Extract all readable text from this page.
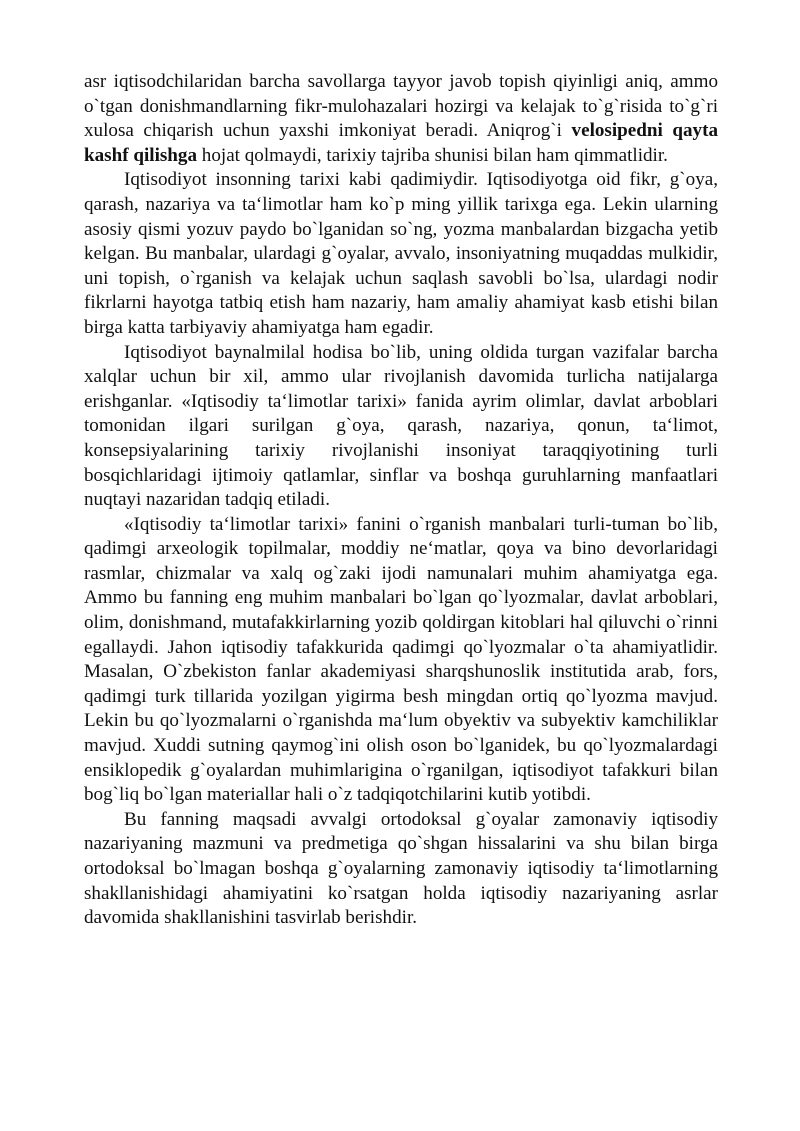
asr iqtisodchilaridan barcha savollarga tayyor javob topish qiyinligi aniq, ammo o`tgan donishmandlarning fikr-mulohazalari hozirgi va kelajak to`g`risida to`g`ri xulosa chiqarish uchun yaxshi imkoniyat beradi. Aniqrog`i velosipedni qayta kashf qilishga hojat qolmaydi, tarixiy tajriba shunisi bilan ham qimmatlidir.

Iqtisodiyot insonning tarixi kabi qadimiydir. Iqtisodiyotga oid fikr, g`oya, qarash, nazariya va ta‘limotlar ham ko`p ming yillik tarixga ega. Lekin ularning asosiy qismi yozuv paydo bo`lganidan so`ng, yozma manbalardan bizgacha yetib kelgan. Bu manbalar, ulardagi g`oyalar, avvalo, insoniyatning muqaddas mulkidir, uni topish, o`rganish va kelajak uchun saqlash savobli bo`lsa, ulardagi nodir fikrlarni hayotga tatbiq etish ham nazariy, ham amaliy ahamiyat kasb etishi bilan birga katta tarbiyaviy ahamiyatga ham egadir.

Iqtisodiyot baynalmilal hodisa bo`lib, uning oldida turgan vazifalar barcha xalqlar uchun bir xil, ammo ular rivojlanish davomida turlicha natijalarga erishganlar. «Iqtisodiy ta‘limotlar tarixi» fanida ayrim olimlar, davlat arboblari tomonidan ilgari surilgan g`oya, qarash, nazariya, qonun, ta‘limot, konsepsiyalarining tarixiy rivojlanishi insoniyat taraqqiyotining turli bosqichlaridagi ijtimoiy qatlamlar, sinflar va boshqa guruhlarning manfaatlari nuqtayi nazaridan tadqiq etiladi.

«Iqtisodiy ta‘limotlar tarixi» fanini o`rganish manbalari turli-tuman bo`lib, qadimgi arxeologik topilmalar, moddiy ne‘matlar, qoya va bino devorlaridagi rasmlar, chizmalar va xalq og`zaki ijodi namunalari muhim ahamiyatga ega. Ammo bu fanning eng muhim manbalari bo`lgan qo`lyozmalar, davlat arboblari, olim, donishmand, mutafakkirlarning yozib qoldirgan kitoblari hal qiluvchi o`rinni egallaydi. Jahon iqtisodiy tafakkurida qadimgi qo`lyozmalar o`ta ahamiyatlidir. Masalan, O`zbekiston fanlar akademiyasi sharqshunoslik institutida arab, fors, qadimgi turk tillarida yozilgan yigirma besh mingdan ortiq qo`lyozma mavjud. Lekin bu qo`lyozmalarni o`rganishda ma‘lum obyektiv va subyektiv kamchiliklar mavjud. Xuddi sutning qaymog`ini olish oson bo`lganidek, bu qo`lyozmalardagi ensiklopedik g`oyalardan muhimlarigina o`rganilgan, iqtisodiyot tafakkuri bilan bog`liq bo`lgan materiallar hali o`z tadqiqotchilarini kutib yotibdi.

Bu fanning maqsadi avvalgi ortodoksal g`oyalar zamonaviy iqtisodiy nazariyaning mazmuni va predmetiga qo`shgan hissalarini va shu bilan birga ortodoksal bo`lmagan boshqa g`oyalarning zamonaviy iqtisodiy ta‘limotlarning shakllanishidagi ahamiyatini ko`rsatgan holda iqtisodiy nazariyaning asrlar davomida shakllanishini tasvirlab berishdir.
